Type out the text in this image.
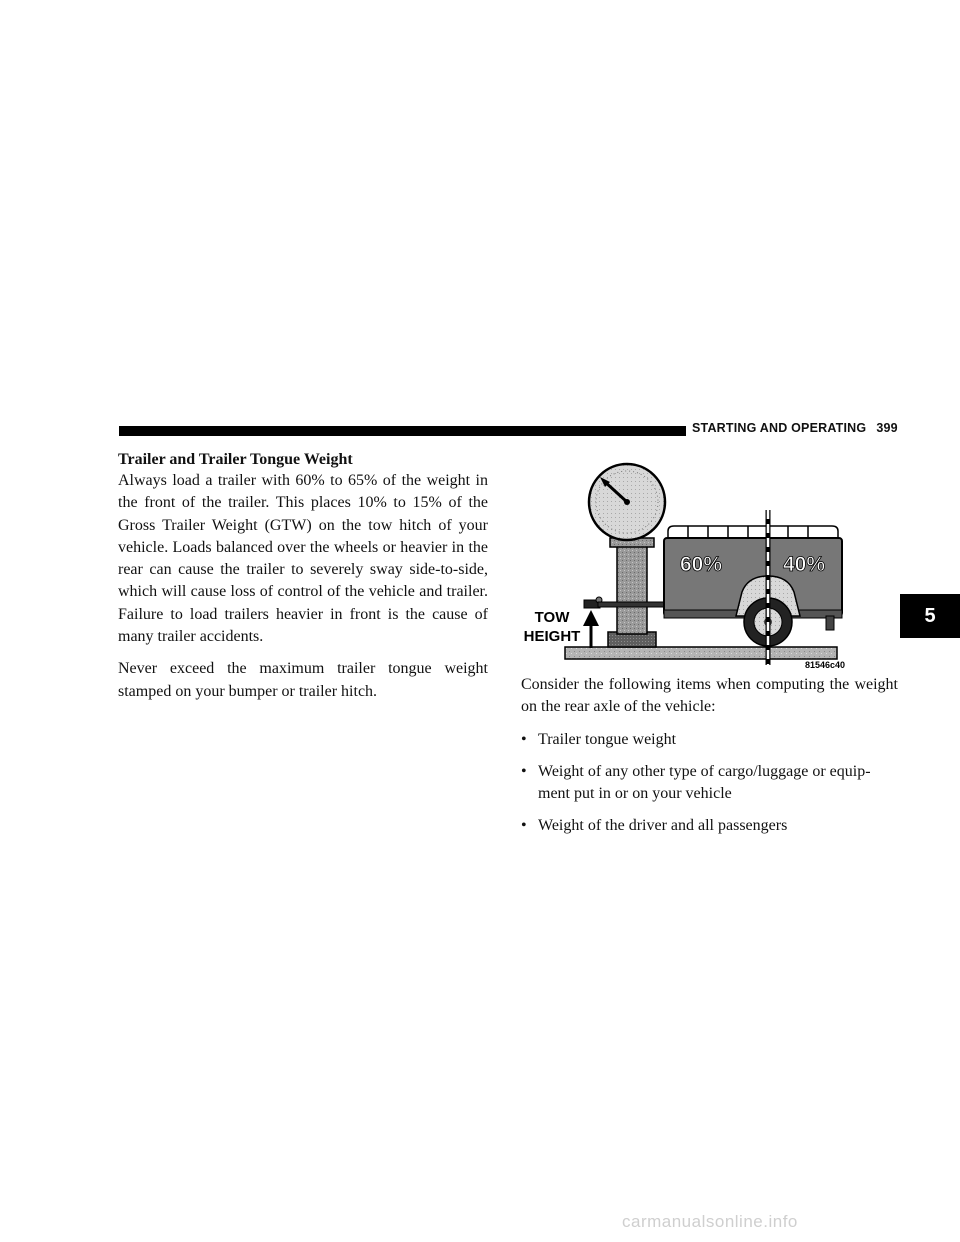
STARTING AND OPERATING 399
Trailer and Trailer Tongue Weight

Always load a trailer with 60% to 65% of the weight in the front of the trailer. This places 10% to 15% of the Gross Trailer Weight (GTW) on the tow hitch of your vehicle. Loads balanced over the wheels or heavier in the rear can cause the trailer to severely sway side-to-side, which will cause loss of control of the vehicle and trailer. Failure to load trailers heavier in front is the cause of many trailer accidents.

Never exceed the maximum trailer tongue weight stamped on your bumper or trailer hitch.

60%	40%
TOW
HEIGHT
81546c40

Consider the following items when computing the weight on the rear axle of the vehicle:

• Trailer tongue weight
• Weight of any other type of cargo/luggage or equip-ment put in or on your vehicle
• Weight of the driver and all passengers
5
carmanualsonline.info
